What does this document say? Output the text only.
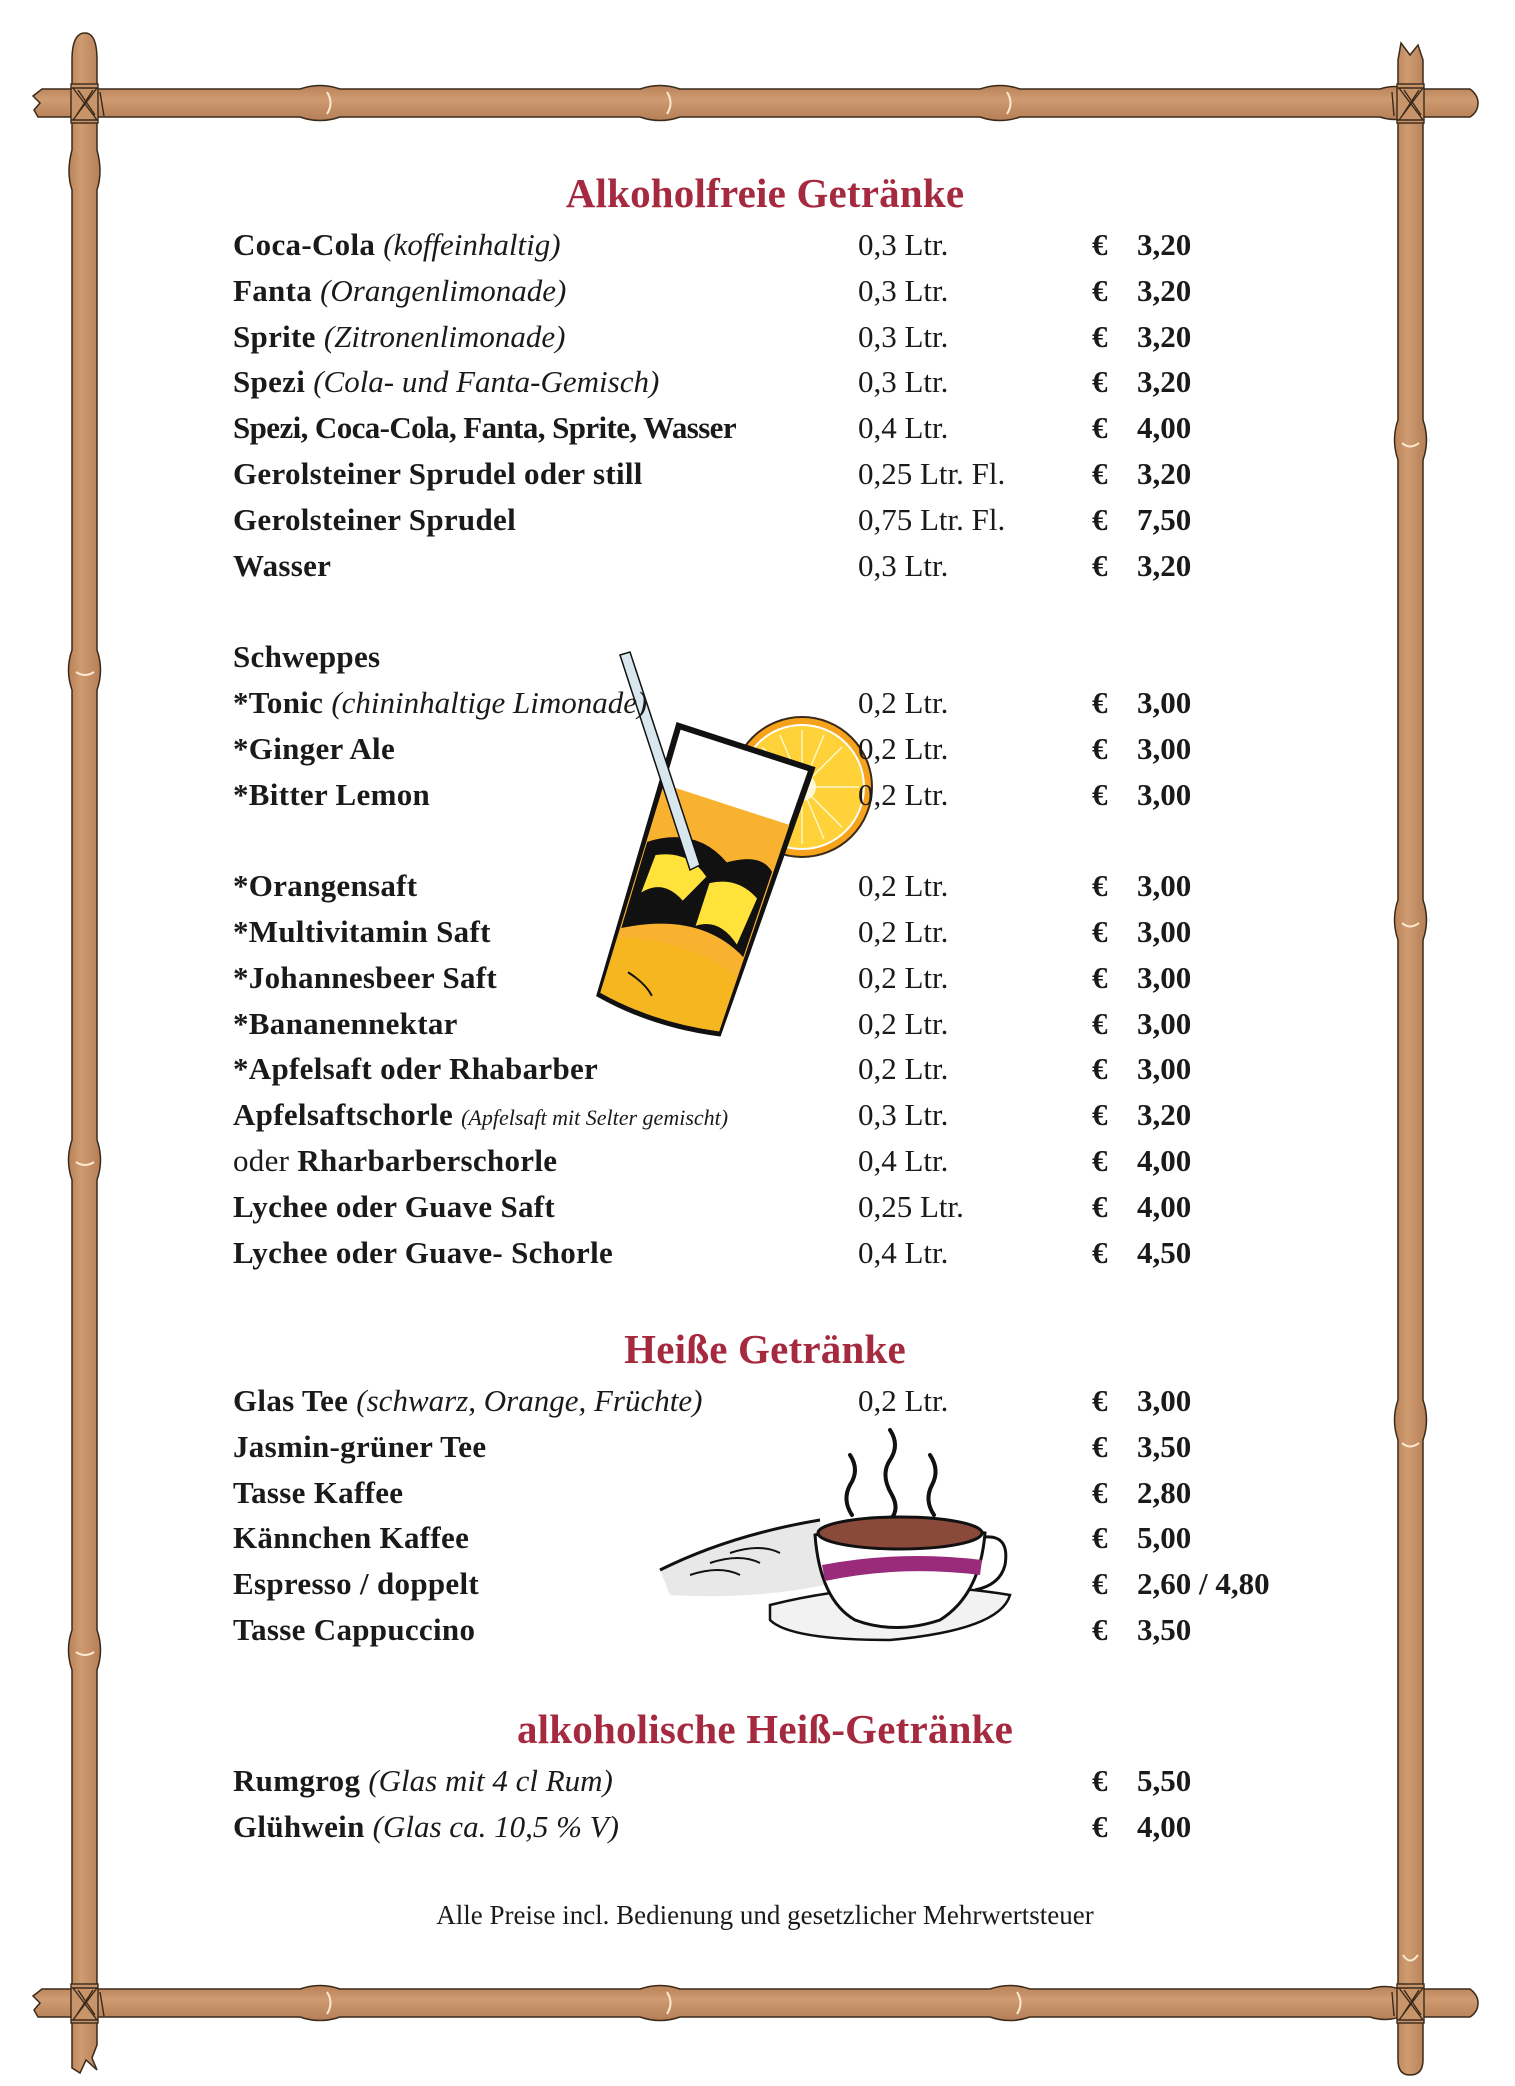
Alkoholfreie Getränke
Coca-Cola (koffeinhaltig)	0,3 Ltr.	€ 3,20
Fanta (Orangenlimonade)	0,3 Ltr.	€ 3,20
Sprite (Zitronenlimonade)	0,3 Ltr.	€ 3,20
Spezi (Cola- und Fanta-Gemisch)	0,3 Ltr.	€ 3,20
Spezi, Coca-Cola, Fanta, Sprite, Wasser	0,4 Ltr.	€ 4,00
Gerolsteiner Sprudel oder still	0,25 Ltr. Fl.	€ 3,20
Gerolsteiner Sprudel	0,75 Ltr. Fl.	€ 7,50
Wasser	0,3 Ltr.	€ 3,20
Schweppes
*Tonic (chininhaltige Limonade)	0,2 Ltr.	€ 3,00
*Ginger Ale	0,2 Ltr.	€ 3,00
*Bitter Lemon	0,2 Ltr.	€ 3,00
*Orangensaft	0,2 Ltr.	€ 3,00
*Multivitamin Saft	0,2 Ltr.	€ 3,00
*Johannesbeer Saft	0,2 Ltr.	€ 3,00
*Bananennektar	0,2 Ltr.	€ 3,00
*Apfelsaft oder Rhabarber	0,2 Ltr.	€ 3,00
Apfelsaftschorle (Apfelsaft mit Selter gemischt)	0,3 Ltr.	€ 3,20
oder Rharbarberschorle	0,4 Ltr.	€ 4,00
Lychee oder Guave Saft	0,25 Ltr.	€ 4,00
Lychee oder Guave- Schorle	0,4 Ltr.	€ 4,50
Heiße Getränke
Glas Tee (schwarz, Orange, Früchte)	0,2 Ltr.	€ 3,00
Jasmin-grüner Tee	€ 3,50
Tasse Kaffee	€ 2,80
Kännchen Kaffee	€ 5,00
Espresso / doppelt	€ 2,60 / 4,80
Tasse Cappuccino	€ 3,50
alkoholische Heiß-Getränke
Rumgrog (Glas mit 4 cl Rum)	€ 5,50
Glühwein (Glas ca. 10,5 % V)	€ 4,00
Alle Preise incl. Bedienung und gesetzlicher Mehrwertsteuer
